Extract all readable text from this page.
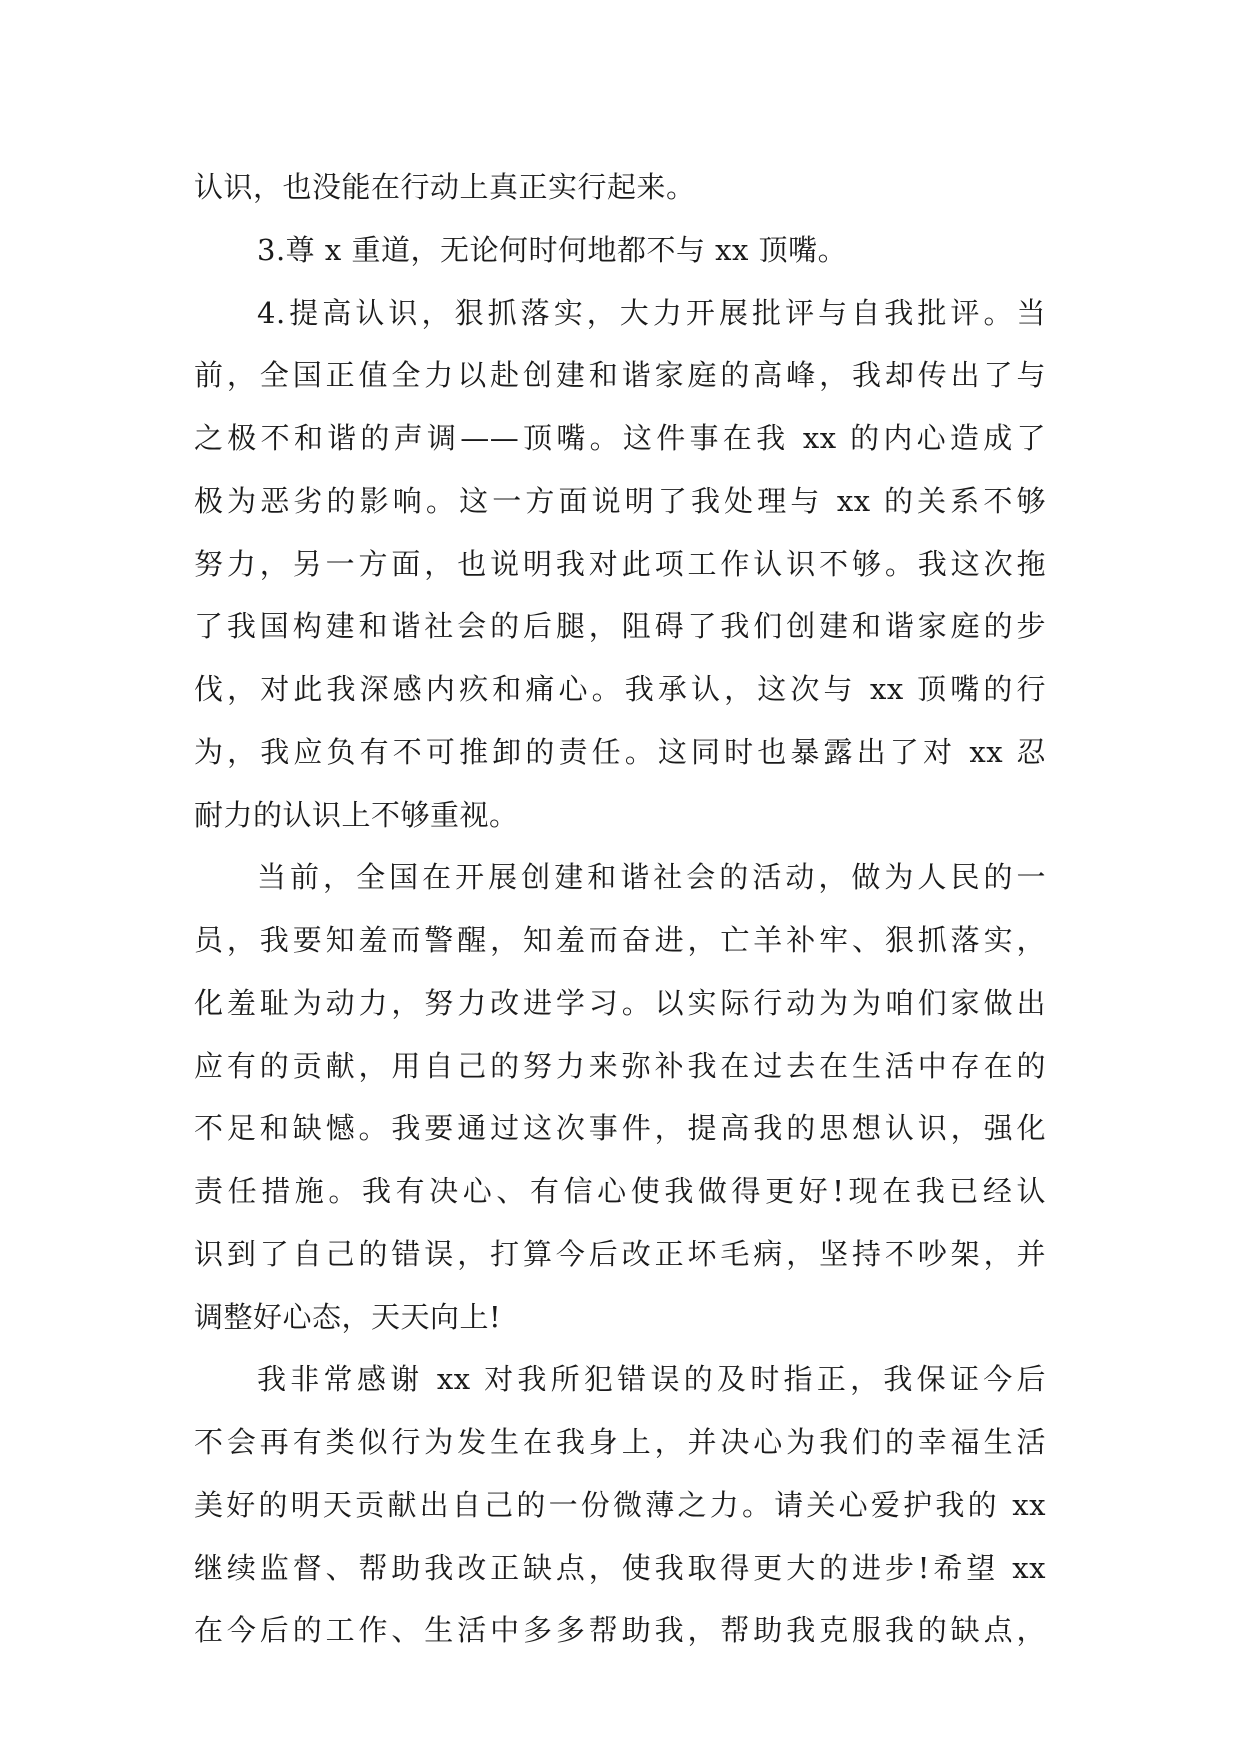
认识，也没能在行动上真正实行起来。

3.尊 x 重道，无论何时何地都不与 xx 顶嘴。

4.提高认识，狠抓落实，大力开展批评与自我批评。当

前，全国正值全力以赴创建和谐家庭的高峰，我却传出了与

之极不和谐的声调——顶嘴。这件事在我 xx 的内心造成了

极为恶劣的影响。这一方面说明了我处理与 xx 的关系不够

努力，另一方面，也说明我对此项工作认识不够。我这次拖

了我国构建和谐社会的后腿，阻碍了我们创建和谐家庭的步

伐，对此我深感内疚和痛心。我承认，这次与 xx 顶嘴的行

为，我应负有不可推卸的责任。这同时也暴露出了对 xx 忍

耐力的认识上不够重视。

当前，全国在开展创建和谐社会的活动，做为人民的一

员，我要知羞而警醒，知羞而奋进，亡羊补牢、狠抓落实，

化羞耻为动力，努力改进学习。以实际行动为为咱们家做出

应有的贡献，用自己的努力来弥补我在过去在生活中存在的

不足和缺憾。我要通过这次事件，提高我的思想认识，强化

责任措施。我有决心、有信心使我做得更好!现在我已经认

识到了自己的错误，打算今后改正坏毛病，坚持不吵架，并

调整好心态，天天向上!

我非常感谢 xx 对我所犯错误的及时指正，我保证今后

不会再有类似行为发生在我身上，并决心为我们的幸福生活

美好的明天贡献出自己的一份微薄之力。请关心爱护我的 xx

继续监督、帮助我改正缺点，使我取得更大的进步!希望 xx

在今后的工作、生活中多多帮助我，帮助我克服我的缺点，
